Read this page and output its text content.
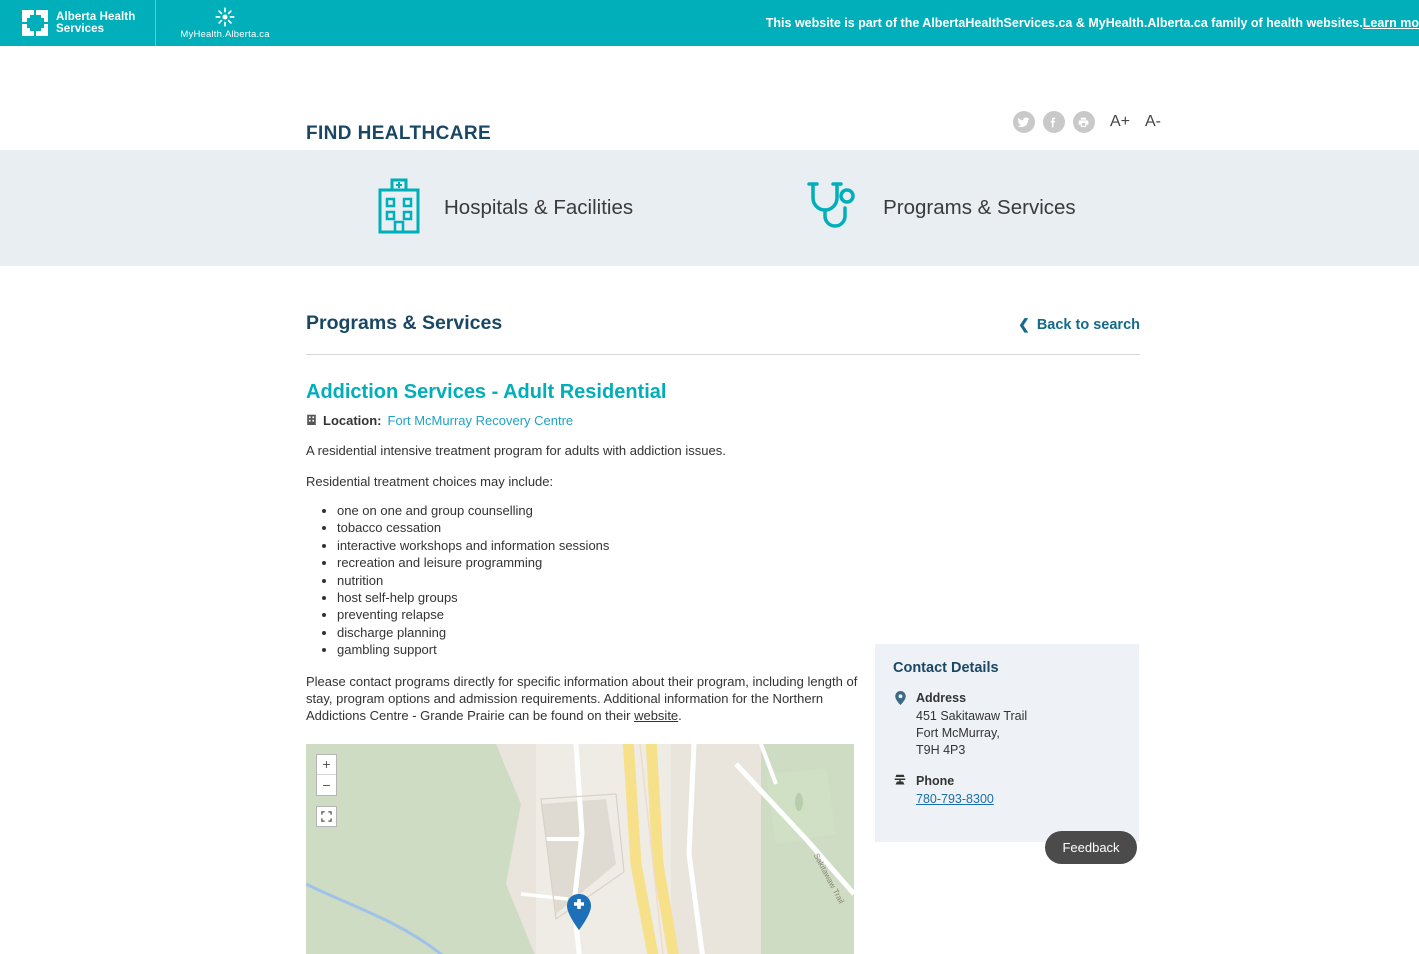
Alberta Health
Services	MyHealth.Alberta.ca
This website is part of the AlbertaHealthServices.ca & MyHealth.Alberta.ca family of health websites. Learn mo
FIND HEALTHCARE
A+ A-
Hospitals & Facilities	Programs & Services
Programs & Services	❮ Back to search
Addiction Services - Adult Residential
Location: Fort McMurray Recovery Centre
A residential intensive treatment program for adults with addiction issues.
Residential treatment choices may include:
• one on one and group counselling
• tobacco cessation
• interactive workshops and information sessions
• recreation and leisure programming
• nutrition
• host self-help groups
• preventing relapse
• discharge planning
• gambling support
Please contact programs directly for specific information about their program, including length of stay, program options and admission requirements. Additional information for the Northern Addictions Centre - Grande Prairie can be found on their website.
Sakitawaw Trail
+
−
Contact Details
Address
451 Sakitawaw Trail
Fort McMurray,
T9H 4P3
Phone
780-793-8300
Feedback
